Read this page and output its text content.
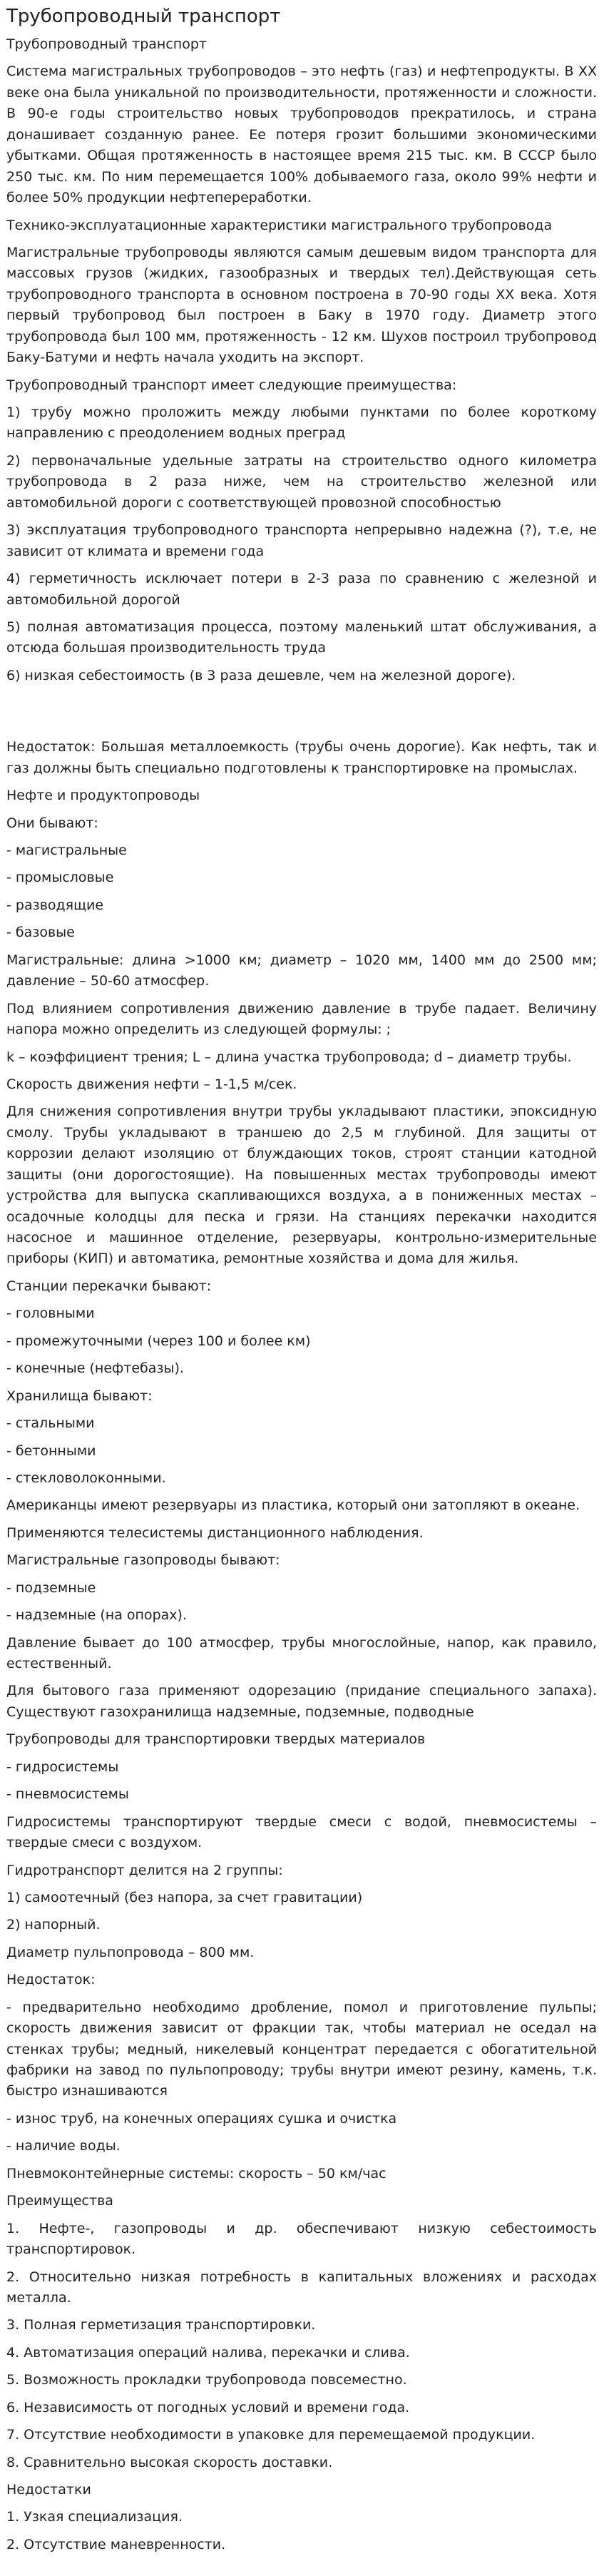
Трубопроводный транспорт

Трубопроводный транспорт

Система магистральных трубопроводов – это нефть (газ) и нефтепродукты. В XX веке она была уникальной по производительности, протяженности и сложности. В 90-е годы строительство новых трубопроводов прекратилось, и страна донашивает созданную ранее. Ее потеря грозит большими экономическими убытками. Общая протяженность в настоящее время 215 тыс. км. В СССР было 250 тыс. км. По ним перемещается 100% добываемого газа, около 99% нефти и более 50% продукции нефтепереработки.

Технико-эксплуатационные характеристики магистрального трубопровода

Магистральные трубопроводы являются самым дешевым видом транспорта для массовых грузов (жидких, газообразных и твердых тел).Действующая сеть трубопроводного транспорта в основном построена в 70-90 годы XX века. Хотя первый трубопровод был построен в Баку в 1970 году. Диаметр этого трубопровода был 100 мм, протяженность - 12 км. Шухов построил трубопровод Баку-Батуми и нефть начала уходить на экспорт.

Трубопроводный транспорт имеет следующие преимущества:

1) трубу можно проложить между любыми пунктами по более короткому направлению с преодолением водных преград

2) первоначальные удельные затраты на строительство одного километра трубопровода в 2 раза ниже, чем на строительство железной или автомобильной дороги с соответствующей провозной способностью

3) эксплуатация трубопроводного транспорта непрерывно надежна (?), т.е, не зависит от климата и времени года

4) герметичность исключает потери в 2-3 раза по сравнению с железной и автомобильной дорогой

5) полная автоматизация процесса, поэтому маленький штат обслуживания, а отсюда большая производительность труда

6) низкая себестоимость (в 3 раза дешевле, чем на железной дороге).

Недостаток: Большая металлоемкость (трубы очень дорогие). Как нефть, так и газ должны быть специально подготовлены к транспортировке на промыслах.

Нефте и продуктопроводы

Они бывают:

- магистральные

- промысловые

- разводящие

- базовые

Магистральные: длина >1000 км; диаметр – 1020 мм, 1400 мм до 2500 мм; давление – 50-60 атмосфер.

Под влиянием сопротивления движению давление в трубе падает. Величину напора можно определить из следующей формулы: ;

k – коэффициент трения; L – длина участка трубопровода; d – диаметр трубы.

Скорость движения нефти – 1-1,5 м/сек.

Для снижения сопротивления внутри трубы укладывают пластики, эпоксидную смолу. Трубы укладывают в траншею до 2,5 м глубиной. Для защиты от коррозии делают изоляцию от блуждающих токов, строят станции катодной защиты (они дорогостоящие). На повышенных местах трубопроводы имеют устройства для выпуска скапливающихся воздуха, а в пониженных местах – осадочные колодцы для песка и грязи. На станциях перекачки находится насосное и машинное отделение, резервуары, контрольно-измерительные приборы (КИП) и автоматика, ремонтные хозяйства и дома для жилья.

Станции перекачки бывают:

- головными

- промежуточными (через 100 и более км)

- конечные (нефтебазы).

Хранилища бывают:

- стальными

- бетонными

- стекловолоконными.

Американцы имеют резервуары из пластика, который они затопляют в океане.

Применяются телесистемы дистанционного наблюдения.

Магистральные газопроводы бывают:

- подземные

- надземные (на опорах).

Давление бывает до 100 атмосфер, трубы многослойные, напор, как правило, естественный.

Для бытового газа применяют одорезацию (придание специального запаха). Существуют газохранилища надземные, подземные, подводные

Трубопроводы для транспортировки твердых материалов

- гидросистемы

- пневмосистемы

Гидросистемы транспортируют твердые смеси с водой, пневмосистемы – твердые смеси с воздухом.

Гидротранспорт делится на 2 группы:

1) самоотечный (без напора, за счет гравитации)

2) напорный.

Диаметр пульпопровода – 800 мм.

Недостаток:

- предварительно необходимо дробление, помол и приготовление пульпы; скорость движения зависит от фракции так, чтобы материал не оседал на стенках трубы; медный, никелевый концентрат передается с обогатительной фабрики на завод по пульпопроводу; трубы внутри имеют резину, камень, т.к. быстро изнашиваются

- износ труб, на конечных операциях сушка и очистка

- наличие воды.

Пневмоконтейнерные системы: скорость – 50 км/час

Преимущества

1. Нефте-, газопроводы и др. обеспечивают низкую себестоимость транспортировок.

2. Относительно низкая потребность в капитальных вложениях и расходах металла.

3. Полная герметизация транспортировки.

4. Автоматизация операций налива, перекачки и слива.

5. Возможность прокладки трубопровода повсеместно.

6. Независимость от погодных условий и времени года.

7. Отсутствие необходимости в упаковке для перемещаемой продукции.

8. Сравнительно высокая скорость доставки.

Недостатки

1. Узкая специализация.

2. Отсутствие маневренности.
